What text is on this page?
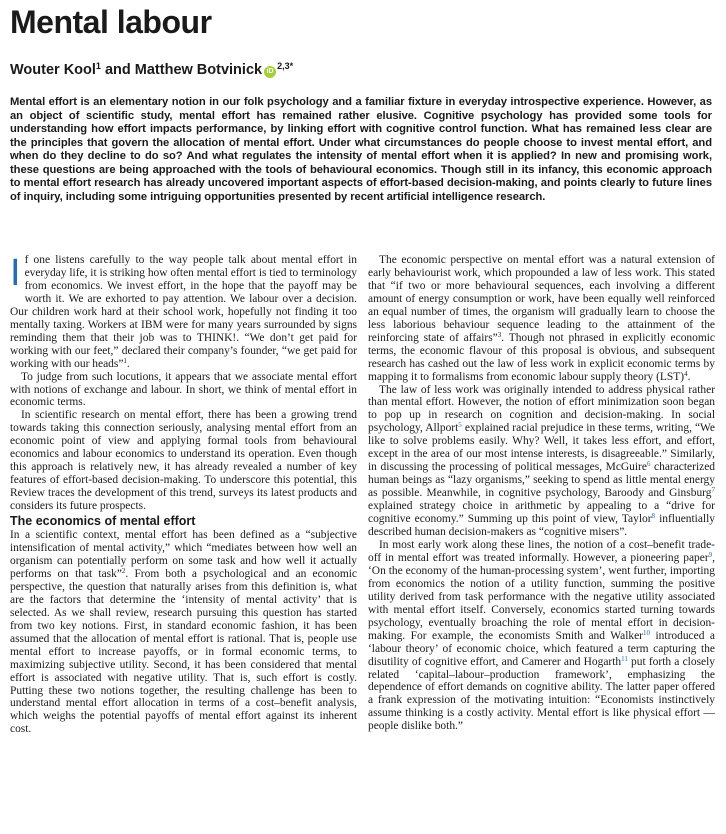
Mental labour
Wouter Kool$^1$ and Matthew Botvinick $iD^{2,3*}$

Mental effort is an elementary notion in our folk psychology and a familiar fixture in everyday introspective experience. However, as an object of scientific study, mental effort has remained rather elusive. Cognitive psychology has provided some tools for understanding how effort impacts performance, by linking effort with cognitive control function. What has remained less clear are the principles that govern the allocation of mental effort. Under what circumstances do people choose to invest mental effort, and when do they decline to do so? And what regulates the intensity of mental effort when it is applied? In new and promising work, these questions are being approached with the tools of behavioural economics. Though still in its infancy, this economic approach to mental effort research has already uncovered important aspects of effort-based decision-making, and points clearly to future lines of inquiry, including some intriguing opportunities presented by recent artificial intelligence research.

If one listens carefully to the way people talk about mental effort in everyday life, it is striking how often mental effort is tied to terminology from economics. We invest effort, in the hope that the payoff may be worth it. We are exhorted to pay attention. We labour over a decision. Our children work hard at their school work, hopefully not finding it too mentally taxing. Workers at IBM were for many years surrounded by signs reminding them that their job was to THINK!. “We don’t get paid for working with our feet,” declared their company’s founder, “we get paid for working with our heads”$^1$.

To judge from such locutions, it appears that we associate mental effort with notions of exchange and labour. In short, we think of mental effort in economic terms.

In scientific research on mental effort, there has been a growing trend towards taking this connection seriously, analysing mental effort from an economic point of view and applying formal tools from behavioural economics and labour economics to understand its operation. Even though this approach is relatively new, it has already revealed a number of key features of effort-based decision-making. To underscore this potential, this Review traces the development of this trend, surveys its latest products and considers its future prospects.

The economics of mental effort

In a scientific context, mental effort has been defined as a “subjective intensification of mental activity,” which “mediates between how well an organism can potentially perform on some task and how well it actually performs on that task”$^2$. From both a psychological and an economic perspective, the question that naturally arises from this definition is, what are the factors that determine the ‘intensity of mental activity’ that is selected. As we shall review, research pursuing this question has started from two key notions. First, in standard economic fashion, it has been assumed that the allocation of mental effort is rational. That is, people use mental effort to increase payoffs, or in formal economic terms, to maximizing subjective utility. Second, it has been considered that mental effort is associated with negative utility. That is, such effort is costly. Putting these two notions together, the resulting challenge has been to understand mental effort allocation in terms of a cost–benefit analysis, which weighs the potential payoffs of mental effort against its inherent cost.

The economic perspective on mental effort was a natural extension of early behaviourist work, which propounded a law of less work. This stated that “if two or more behavioural sequences, each involving a different amount of energy consumption or work, have been equally well reinforced an equal number of times, the organism will gradually learn to choose the less laborious behaviour sequence leading to the attainment of the reinforcing state of affairs”$^3$. Though not phrased in explicitly economic terms, the economic flavour of this proposal is obvious, and subsequent research has cashed out the law of less work in explicit economic terms by mapping it to formalisms from economic labour supply theory (LST)$^4$.

The law of less work was originally intended to address physical rather than mental effort. However, the notion of effort minimization soon began to pop up in research on cognition and decision-making. In social psychology, Allport$^5$ explained racial prejudice in these terms, writing, “We like to solve problems easily. Why? Well, it takes less effort, and effort, except in the area of our most intense interests, is disagreeable.” Similarly, in discussing the processing of political messages, McGuire$^6$ characterized human beings as “lazy organisms,” seeking to spend as little mental energy as possible. Meanwhile, in cognitive psychology, Baroody and Ginsburg$^7$ explained strategy choice in arithmetic by appealing to a “drive for cognitive economy.” Summing up this point of view, Taylor$^8$ influentially described human decision-makers as “cognitive misers”.

In most early work along these lines, the notion of a cost–benefit trade-off in mental effort was treated informally. However, a pioneering paper$^9$, ‘On the economy of the human-processing system’, went further, importing from economics the notion of a utility function, summing the positive utility derived from task performance with the negative utility associated with mental effort itself. Conversely, economics started turning towards psychology, eventually broaching the role of mental effort in decision-making. For example, the economists Smith and Walker$^{10}$ introduced a ‘labour theory’ of economic choice, which featured a term capturing the disutility of cognitive effort, and Camerer and Hogarth$^{11}$ put forth a closely related ‘capital–labour–production framework’, emphasizing the dependence of effort demands on cognitive ability. The latter paper offered a frank expression of the motivating intuition: “Economists instinctively assume thinking is a costly activity. Mental effort is like physical effort — people dislike both.”
